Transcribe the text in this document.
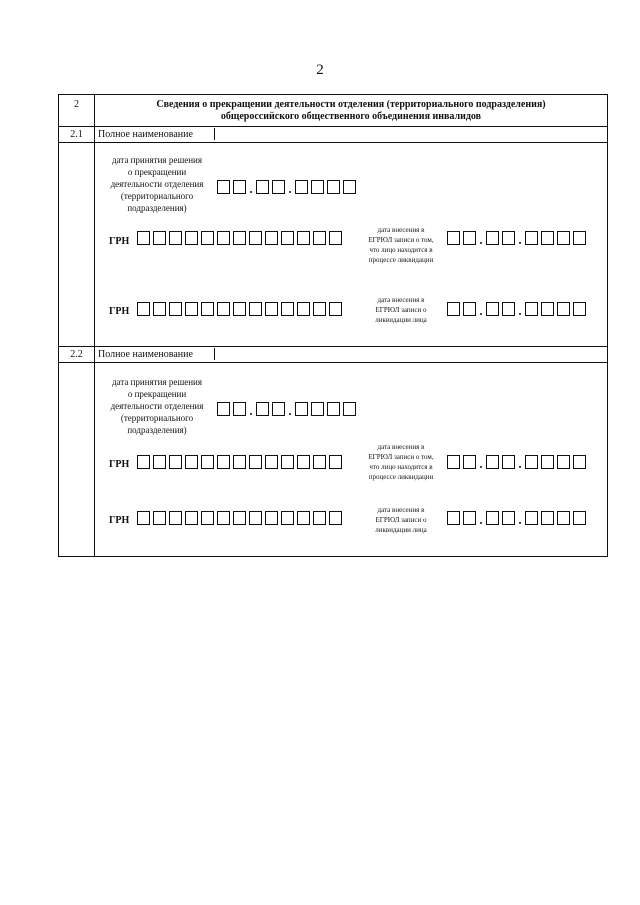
2
2	Сведения о прекращении деятельности отделения (территориального подразделения)
общероссийского общественного объединения инвалидов
2.1	Полное наименование
дата принятия решения
о прекращении
деятельности отделения
(территориального
подразделения)
ГРН
дата внесения в
ЕГРЮЛ записи о том,
что лицо находится в
процессе ликвидации
ГРН
дата внесения в
ЕГРЮЛ записи о
ликвидации лица
2.2	Полное наименование
дата принятия решения
о прекращении
деятельности отделения
(территориального
подразделения)
ГРН
дата внесения в
ЕГРЮЛ записи о том,
что лицо находится в
процессе ликвидации
ГРН
дата внесения в
ЕГРЮЛ записи о
ликвидации лица
